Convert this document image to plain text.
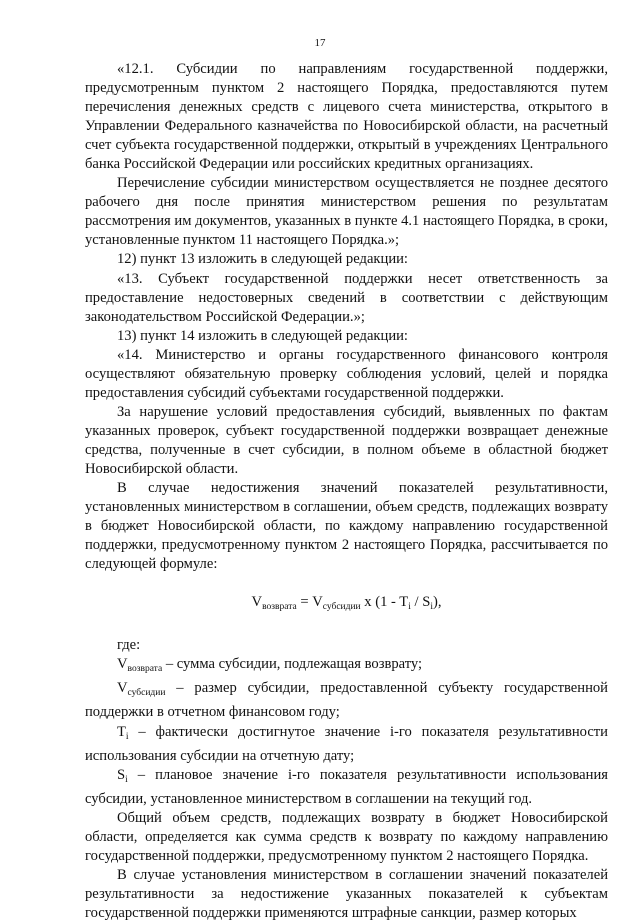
17

«12.1. Субсидии по направлениям государственной поддержки, предусмотренным пунктом 2 настоящего Порядка, предоставляются путем перечисления денежных средств с лицевого счета министерства, открытого в Управлении Федерального казначейства по Новосибирской области, на расчетный счет субъекта государственной поддержки, открытый в учреждениях Центрального банка Российской Федерации или российских кредитных организациях.

Перечисление субсидии министерством осуществляется не позднее десятого рабочего дня после принятия министерством решения по результатам рассмотрения им документов, указанных в пункте 4.1 настоящего Порядка, в сроки, установленные пунктом 11 настоящего Порядка.»;

12) пункт 13 изложить в следующей редакции:

«13. Субъект государственной поддержки несет ответственность за предоставление недостоверных сведений в соответствии с действующим законодательством Российской Федерации.»;

13) пункт 14 изложить в следующей редакции:

«14. Министерство и органы государственного финансового контроля осуществляют обязательную проверку соблюдения условий, целей и порядка предоставления субсидий субъектами государственной поддержки.

За нарушение условий предоставления субсидий, выявленных по фактам указанных проверок, субъект государственной поддержки возвращает денежные средства, полученные в счет субсидии, в полном объеме в областной бюджет Новосибирской области.

В случае недостижения значений показателей результативности, установленных министерством в соглашении, объем средств, подлежащих возврату в бюджет Новосибирской области, по каждому направлению государственной поддержки, предусмотренному пунктом 2 настоящего Порядка, рассчитывается по следующей формуле:

$V_{возврата} = V_{субсидии}$ x $(1 - T_i / S_i)$,

где:

$V_{возврата}$ – сумма субсидии, подлежащая возврату;

$V_{субсидии}$ – размер субсидии, предоставленной субъекту государственной поддержки в отчетном финансовом году;

$T_i$ – фактически достигнутое значение i-го показателя результативности использования субсидии на отчетную дату;

$S_i$ – плановое значение i-го показателя результативности использования субсидии, установленное министерством в соглашении на текущий год.

Общий объем средств, подлежащих возврату в бюджет Новосибирской области, определяется как сумма средств к возврату по каждому направлению государственной поддержки, предусмотренному пунктом 2 настоящего Порядка.

В случае установления министерством в соглашении значений показателей результативности за недостижение указанных показателей к субъектам государственной поддержки применяются штрафные санкции, размер которых
